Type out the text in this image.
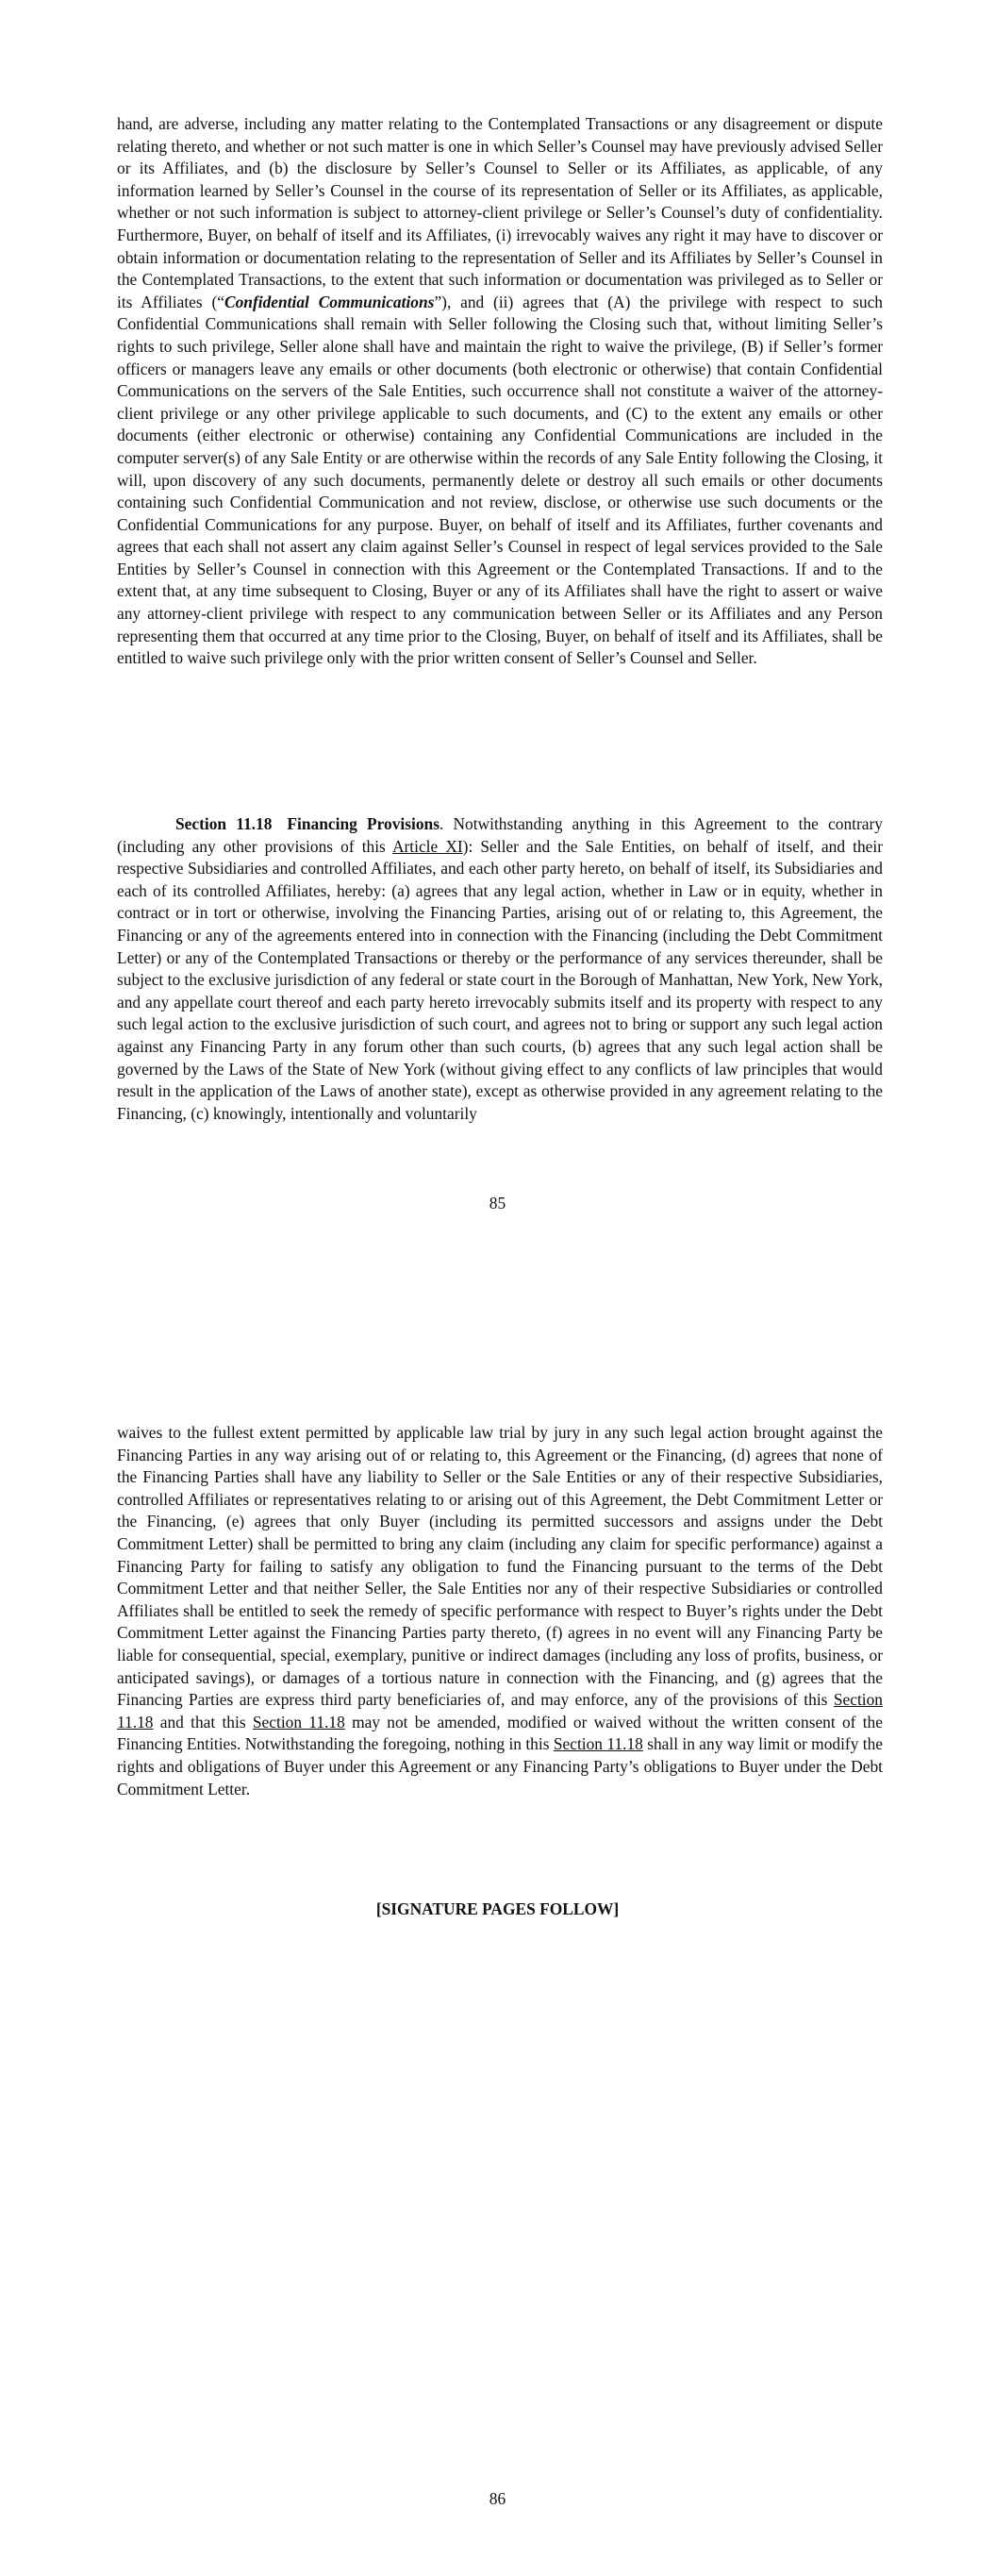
hand, are adverse, including any matter relating to the Contemplated Transactions or any disagreement or dispute relating thereto, and whether or not such matter is one in which Seller’s Counsel may have previously advised Seller or its Affiliates, and (b) the disclosure by Seller’s Counsel to Seller or its Affiliates, as applicable, of any information learned by Seller’s Counsel in the course of its representation of Seller or its Affiliates, as applicable, whether or not such information is subject to attorney-client privilege or Seller’s Counsel’s duty of confidentiality. Furthermore, Buyer, on behalf of itself and its Affiliates, (i) irrevocably waives any right it may have to discover or obtain information or documentation relating to the representation of Seller and its Affiliates by Seller’s Counsel in the Contemplated Transactions, to the extent that such information or documentation was privileged as to Seller or its Affiliates (“Confidential Communications”), and (ii) agrees that (A) the privilege with respect to such Confidential Communications shall remain with Seller following the Closing such that, without limiting Seller’s rights to such privilege, Seller alone shall have and maintain the right to waive the privilege, (B) if Seller’s former officers or managers leave any emails or other documents (both electronic or otherwise) that contain Confidential Communications on the servers of the Sale Entities, such occurrence shall not constitute a waiver of the attorney-client privilege or any other privilege applicable to such documents, and (C) to the extent any emails or other documents (either electronic or otherwise) containing any Confidential Communications are included in the computer server(s) of any Sale Entity or are otherwise within the records of any Sale Entity following the Closing, it will, upon discovery of any such documents, permanently delete or destroy all such emails or other documents containing such Confidential Communication and not review, disclose, or otherwise use such documents or the Confidential Communications for any purpose. Buyer, on behalf of itself and its Affiliates, further covenants and agrees that each shall not assert any claim against Seller’s Counsel in respect of legal services provided to the Sale Entities by Seller’s Counsel in connection with this Agreement or the Contemplated Transactions. If and to the extent that, at any time subsequent to Closing, Buyer or any of its Affiliates shall have the right to assert or waive any attorney-client privilege with respect to any communication between Seller or its Affiliates and any Person representing them that occurred at any time prior to the Closing, Buyer, on behalf of itself and its Affiliates, shall be entitled to waive such privilege only with the prior written consent of Seller’s Counsel and Seller.

Section 11.18 Financing Provisions. Notwithstanding anything in this Agreement to the contrary (including any other provisions of this Article XI): Seller and the Sale Entities, on behalf of itself, and their respective Subsidiaries and controlled Affiliates, and each other party hereto, on behalf of itself, its Subsidiaries and each of its controlled Affiliates, hereby: (a) agrees that any legal action, whether in Law or in equity, whether in contract or in tort or otherwise, involving the Financing Parties, arising out of or relating to, this Agreement, the Financing or any of the agreements entered into in connection with the Financing (including the Debt Commitment Letter) or any of the Contemplated Transactions or thereby or the performance of any services thereunder, shall be subject to the exclusive jurisdiction of any federal or state court in the Borough of Manhattan, New York, New York, and any appellate court thereof and each party hereto irrevocably submits itself and its property with respect to any such legal action to the exclusive jurisdiction of such court, and agrees not to bring or support any such legal action against any Financing Party in any forum other than such courts, (b) agrees that any such legal action shall be governed by the Laws of the State of New York (without giving effect to any conflicts of law principles that would result in the application of the Laws of another state), except as otherwise provided in any agreement relating to the Financing, (c) knowingly, intentionally and voluntarily

85

waives to the fullest extent permitted by applicable law trial by jury in any such legal action brought against the Financing Parties in any way arising out of or relating to, this Agreement or the Financing, (d) agrees that none of the Financing Parties shall have any liability to Seller or the Sale Entities or any of their respective Subsidiaries, controlled Affiliates or representatives relating to or arising out of this Agreement, the Debt Commitment Letter or the Financing, (e) agrees that only Buyer (including its permitted successors and assigns under the Debt Commitment Letter) shall be permitted to bring any claim (including any claim for specific performance) against a Financing Party for failing to satisfy any obligation to fund the Financing pursuant to the terms of the Debt Commitment Letter and that neither Seller, the Sale Entities nor any of their respective Subsidiaries or controlled Affiliates shall be entitled to seek the remedy of specific performance with respect to Buyer’s rights under the Debt Commitment Letter against the Financing Parties party thereto, (f) agrees in no event will any Financing Party be liable for consequential, special, exemplary, punitive or indirect damages (including any loss of profits, business, or anticipated savings), or damages of a tortious nature in connection with the Financing, and (g) agrees that the Financing Parties are express third party beneficiaries of, and may enforce, any of the provisions of this Section 11.18 and that this Section 11.18 may not be amended, modified or waived without the written consent of the Financing Entities. Notwithstanding the foregoing, nothing in this Section 11.18 shall in any way limit or modify the rights and obligations of Buyer under this Agreement or any Financing Party’s obligations to Buyer under the Debt Commitment Letter.

[SIGNATURE PAGES FOLLOW]
86
